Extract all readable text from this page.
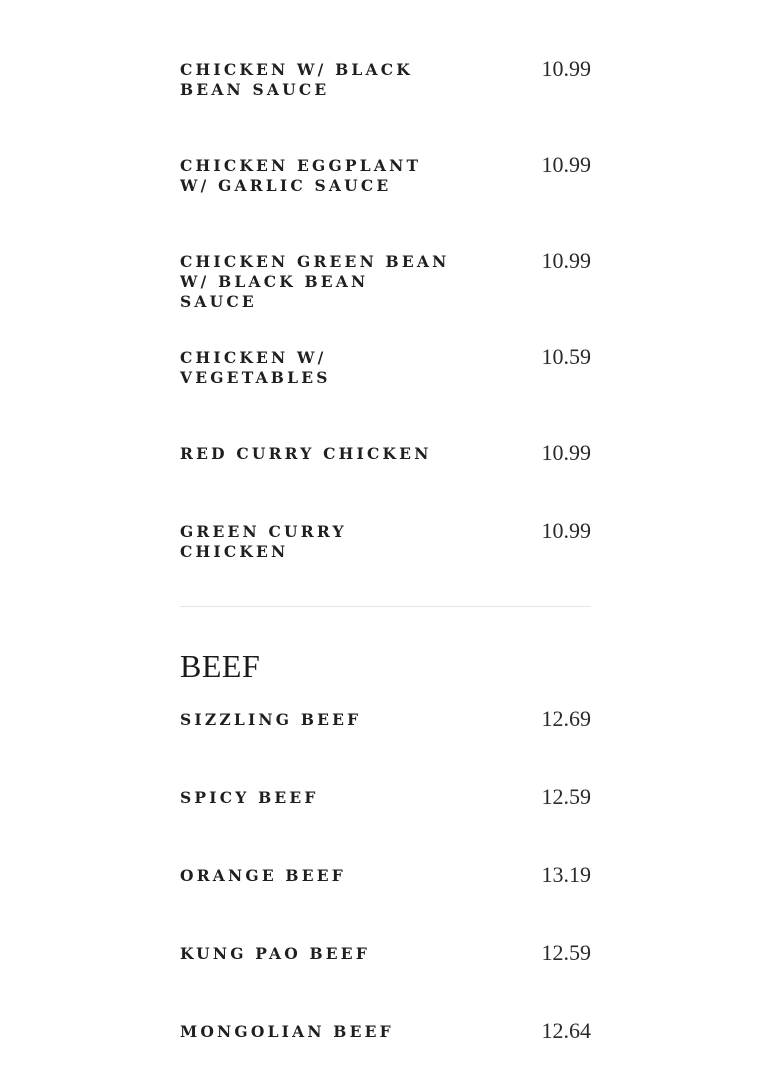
CHICKEN W/ BLACK BEAN SAUCE
10.99
CHICKEN EGGPLANT W/ GARLIC SAUCE
10.99
CHICKEN GREEN BEAN W/ BLACK BEAN SAUCE
10.99
CHICKEN W/ VEGETABLES
10.59
RED CURRY CHICKEN	10.99
GREEN CURRY CHICKEN
10.99
BEEF
SIZZLING BEEF	12.69
SPICY BEEF	12.59
ORANGE BEEF	13.19
KUNG PAO BEEF	12.59
MONGOLIAN BEEF	12.64
